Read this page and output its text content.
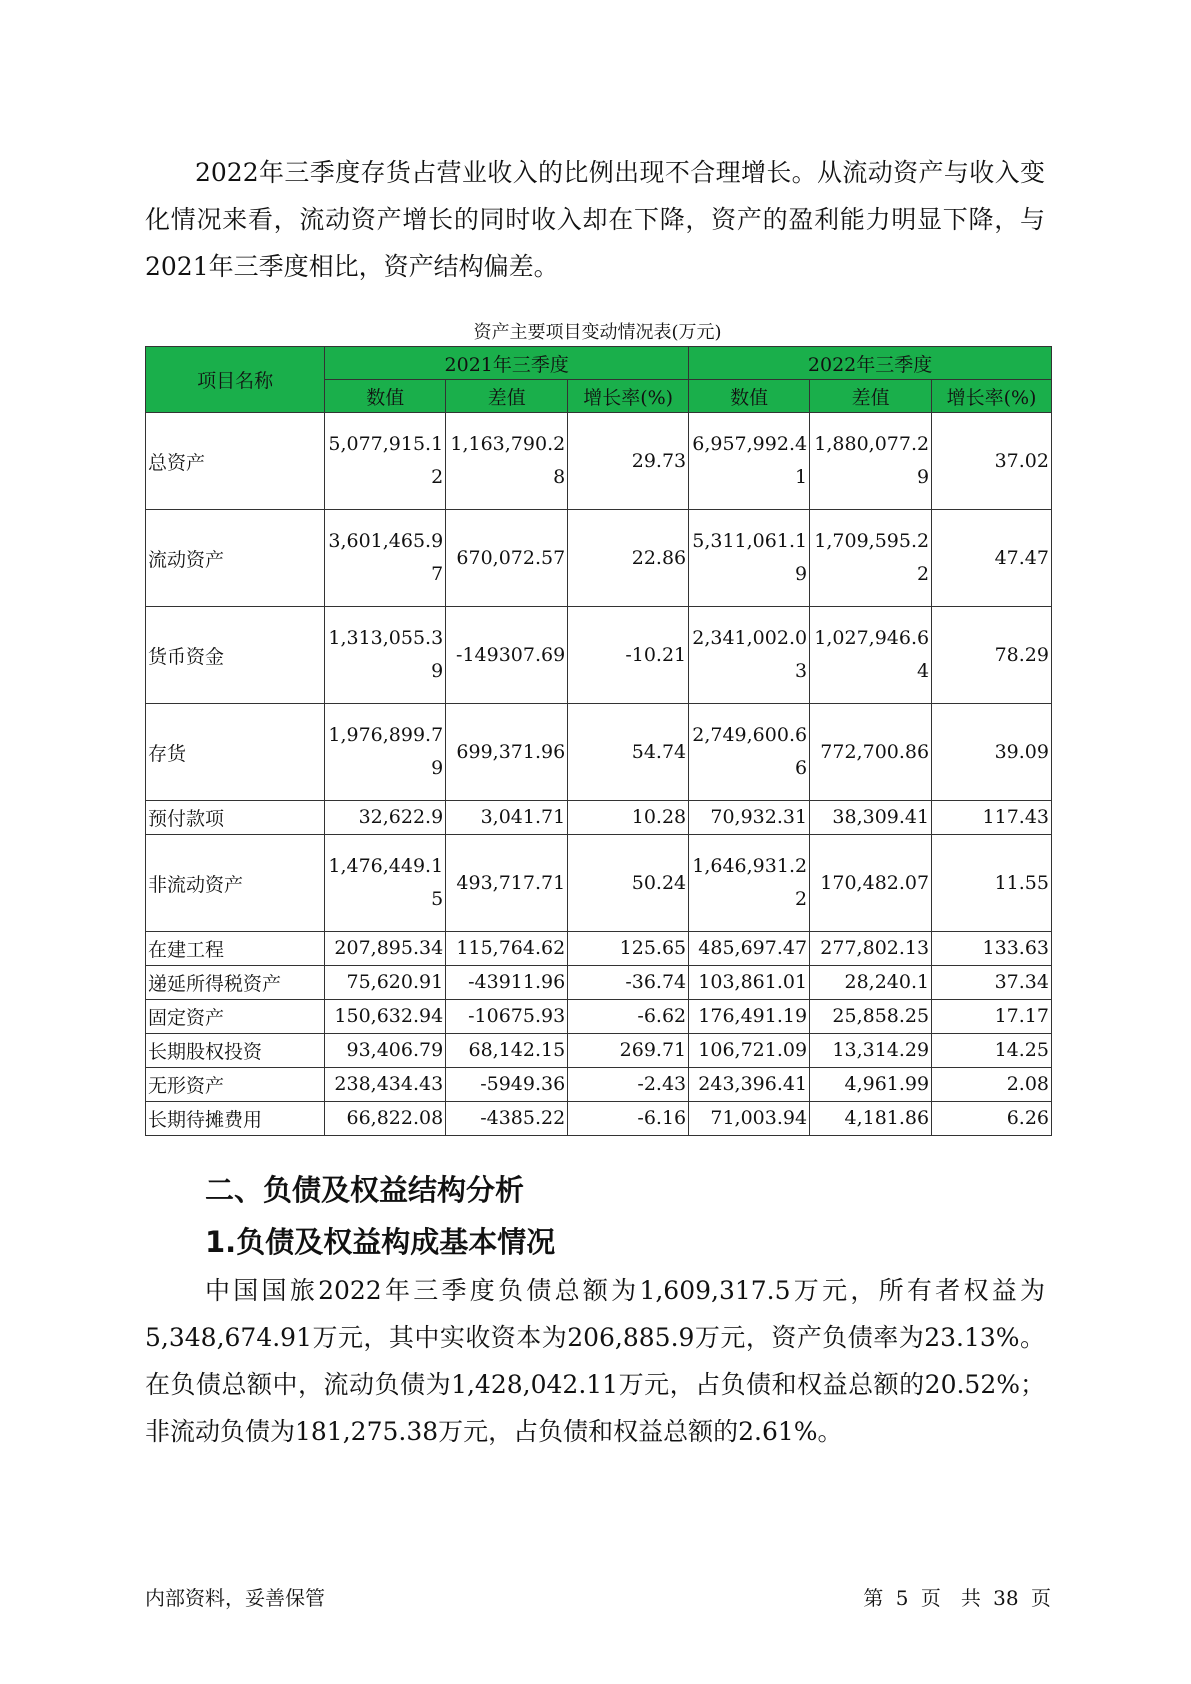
2022年三季度存货占营业收入的比例出现不合理增长。从流动资产与收入变化情况来看，流动资产增长的同时收入却在下降，资产的盈利能力明显下降，与2021年三季度相比，资产结构偏差。
资产主要项目变动情况表(万元)
项目名称	2021年三季度			2022年三季度		
	数值	差值	增长率(%)	数值	差值	增长率(%)
总资产	5,077,915.12	1,163,790.28	29.73	6,957,992.41	1,880,077.29	37.02
流动资产	3,601,465.97	670,072.57	22.86	5,311,061.19	1,709,595.22	47.47
货币资金	1,313,055.39	-149307.69	-10.21	2,341,002.03	1,027,946.64	78.29
存货	1,976,899.79	699,371.96	54.74	2,749,600.66	772,700.86	39.09
预付款项	32,622.9	3,041.71	10.28	70,932.31	38,309.41	117.43
非流动资产	1,476,449.15	493,717.71	50.24	1,646,931.22	170,482.07	11.55
在建工程	207,895.34	115,764.62	125.65	485,697.47	277,802.13	133.63
递延所得税资产	75,620.91	-43911.96	-36.74	103,861.01	28,240.1	37.34
固定资产	150,632.94	-10675.93	-6.62	176,491.19	25,858.25	17.17
长期股权投资	93,406.79	68,142.15	269.71	106,721.09	13,314.29	14.25
无形资产	238,434.43	-5949.36	-2.43	243,396.41	4,961.99	2.08
长期待摊费用	66,822.08	-4385.22	-6.16	71,003.94	4,181.86	6.26
二、负债及权益结构分析
1.负债及权益构成基本情况
中国国旅2022年三季度负债总额为1,609,317.5万元，所有者权益为5,348,674.91万元，其中实收资本为206,885.9万元，资产负债率为23.13%。在负债总额中，流动负债为1,428,042.11万元，占负债和权益总额的20.52%；非流动负债为181,275.38万元，占负债和权益总额的2.61%。
内部资料，妥善保管	第 5 页　共 38 页
